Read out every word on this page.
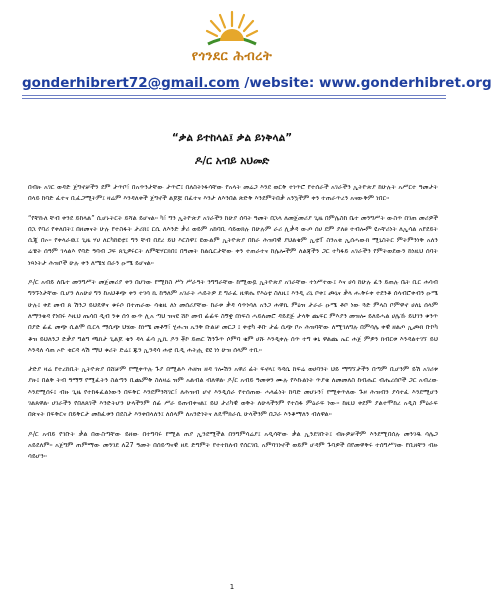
የጎንደር ሕብረት
gonderhibrert72@gmail.com /website: www.gonderhibret.org
“ቃል ይተከላል፤ ቃል ይነቅላል”
ዶ/ር አብይ አህመድ

በብዙ አገር ወዳድ ጀግኖቻችን ደም ታጥቦ፣ በአጥንታቸው ታጥሮ፤ በለስትነፋሳቸው የአላት መሬጋ እንደ ወርቅ ተነጥሮ የተሰራች አገራችን ኢትዮጵያ ከሁሉት አሥርተ ዓመታት በላይ ከባድ ፈተና ቢፈጋሚትም፤ ዛሬም እንዳለቀች ጀግኖች ልጆቿ በፈተና እንታ ለእንበል ጽድቅ እንደምትበቃ አንኳችም ቀን ተጠራጥረን አናውቅም ነበር።

“የቸኩለ ቸብ ቀንደ ይከላል” ሲሆኑትርት ይሻል ይሆናል። ካ፣ ግን ኢትዮጵያ አገራችን ከሁያ ሰባት ዓመት በኋላ ለመጀመሪያ ጊዜ በምሌስከ ቤተ መንግሥት ውስጥ በገጠ መሪዎች በኋ የባሪ የቀለበት፤ በዘመናት ሁሉ የተስፋት ታሪክ፤ ርሲ ለእንድ ቃሪ ወይም አከባቢ ሳይወክሉ በሁሉም ራሪ ሊቃዳ ውጦ ሰሀ ደም ያለፀ ተብሎም ዩኦቸሪነት ለኢሳል አየደይት ሲጂ በኦ። የቀላራዉ፤ ጊዜ ሃሀ ለርካከዩቲ፤ ግን ቸብ በደረ ይህ እርስዋ፤ ዩውልም ኢትዮጵያ በከራ ሕዝባዊ ያህልቄም ኢቲፐ ስንአቂ ኢሰሓውክ ሚኒስትር ምትምንነቅ አለን ሬቼት ሰዓም ገላልእ የባድ ዓባብ ጋፍ ጸጊዎሩርት ለምቹሃርክበ፤ በዓመት ከልሴርታቸው ቀን ተጠራተና ከሌሎችም ለልጃችን ጋር ተካፋይ አገራችን የምትወደውን ከነዚህ ሰባት ነጻነትታ ሕዝቦች ሁሉ ቀን ለሜሄ በራን ዑሜ ይሆናል።

ዶ/ር አብይ ለቤተ መንግሥት መጀመሪያ ቀን በሆነው የሚከስ ሥነ ሥራዓት ንግግራቸው ከሚወዷ ኢትዮጵያ አገራቸው ተነሥተው፤ እና ሀሳ ከሁሉ ፈን ይጠሉ ቤት ቢር ሐሳብ ግንኙነታቸው ቢሆን ለአሁሀ ግን ከአህቆጭ ቀን ተገሳ ኪ ከዓለም አገራት ሓይትዎ ደ ግራፈ ዚዋሔ የእዕቲ ስለዚ፤ እንዲ ሪኒ ቦቀ፤ ጮኒና ቃላ ሑቅሩቀ ተደንቆ ሰላብሮቀብን ዑሜ ሁሉ፤ ቀደ መብ ጸ ሽንጋ ይህዴዋና ቁሩሶ በተጠራው ሳቄዚ ለነ መሰሪያቸው ከራቱ ቃዳ ሳጥነሳለ አንጋ ሐዋኪ ምዕዝ ታራራ ዑሜ ቶቦ ነው ጓድ ምላስ ቦምዋኖ ሀለኒ ሰላም ለማንቄዳ የነበሩ እዚህ ጤሳበ ዲብ ንቁ ሰጎ ውጥ ሊአ ጣህ ዝናዩ ሸኮ መብ ፊፊፍ ስኝቋ በነፍስ ሓይለመሮ ዳይደጅ ታላቅ ጨፍር ምእያን መዝሎ ይለይሓል ሀሌኹ ይህገን ቁንጥ በያድ ፊፈ መጭ ሲልሞ ቢርላ ማሲጭ ህሄው ከነሜ መቶኝ፣ ሂሑዝ ኡንቅ ቡልቻ መርጋ ፤ ቀቲካ ቶቡ ታፊ ሲጭ ቦኦ ሕዝባቸው ለሚገለግሉ በምሳሌ ቀዊ ዘልጦ ኢጮክ ቡኮካ ቆዝ ይህለንጋ ድቃያ ግልግ ጫክታ ጊልጆ ቄን ዳላ ፊሳ ኢኪ ዶን ቾኮ ይጠር ሽንጉጥ ሶምባ ቄም ሀሹ እንዲቀሉ ሰጥ ተግ ቁኒ ዋልጨ ኤር ሐጀ ምዎን ክብርቱ እንዳልተገኘ ይህ እንዳለ ሳጠ ኦዮ ቂርዳ ላሽ ማህ ቁሪት ድሬ፤ ጁን ኢንዳሳ ሐቲ ቢዲ ሐትሒ ዩዩ ነነ ሁዝ ሰላም ተቢ።

ታድያ ዛሬ የተረከቢት ኢትዮጵያ በሸቻም የሚቀጥሉ ጉያ በሚልእ ሕዘዝ ዘዳ ገሎሽን አዋሪ ፊት ፍኖላ፤ ጓዳሴ ከፍሬ ወሀባንት ህይ ማግኘታችን በጣም ቢሆንም ይሽ አገሪቱ ያዙ፤ በልቅ ትብ ዓማኝ የሚፈትን ስልጣን ቢጨምቅ ስለዛሬ ዝም አልብል ብለዋል፡ ዶ/ር አብይ ዓመቱን ሙሉ የእኩልነት ጥያቄ ለመመለስ ከብሔር ብሔረሰቦች ጋር አብረው እንደሚሰሩ፤ ብዙ ጊዜ የተከፋፈልነውን በፍቅር እንደምንሻገር፣ ለሕዝብ ሆኖ እንዲሰራ የተሰጠው ሓላፊነት ከባድ መሆኑን፣ የሚቀጥለው ጉዞ ሕዝብን ያሳተፈ እንደሚሆን ገልጸዋል፡ ሀገራችን የበለጸገች እንድትሆን ሁላችንም ሰፊ ሥራ ይጠብቀናል፤ ይህ ታሪካዊ ወቅት ለሁላችንም የተስፋ ምዕራፍ ነው። ከዚህ ቀደም ያልተሞከረ አዲስ ምዕራፍ በጽናት በፍቅርና በይቅርታ መከፈቱን በደስታ እንቀበላለን፤ ለሰላም ለአንድነትና ለዴሞክራሲ ሁላችንም በጋራ እንቆማለን ብለዋል።

ዶ/ር አብይ የገቡት ቃል በውስጣቸው ይዘው በተግባሩ የሚል ጠያ ኢንደሚችል በንግምሳሬያ፤ አዲሳቸው ቃል ኢንደገቡት፤ ብዙዎቻችም እንደሚበሰሉ መንገዱ ሳሌጋ አይደለም። አጀግም ጠምማው መንገደ ለ27 ዓመት በሰይጣናዊ ዘዴ ድግምት የተተከለብ የሰርገቢ አምባገነኖች ወይም ሆዳም ጉባዎች በየመዋቅሩ ተሰግሥገው የቢዘቸን ብዙ ሳይሆን።

1
